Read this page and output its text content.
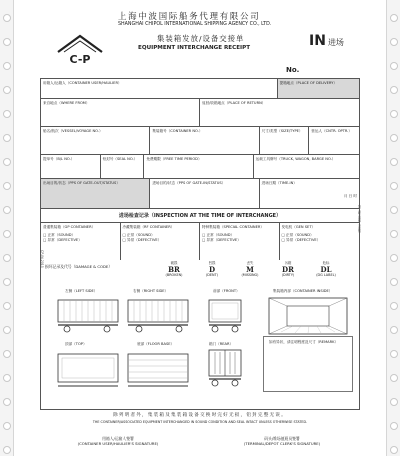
C-P
上海中波国际船务代理有限公司
SHANGHAI CHIPOL INTERNATIONAL SHIPPING AGENCY CO., LTD.
集装箱发放/设备交接单
EQUIPMENT INTERCHANGE RECEIPT	IN 进场
No.
用箱人/运箱人（CONTAINER USER/HAULIER）	提箱地点（PLACE OF DELIVERY）
来自地点（WHERE FROM）	返回/收箱地点（PLACE OF RETURN）
船名/航次（VESSEL/VOYAGE NO.）	集装箱号（CONTAINER NO.）	尺寸/类型（SIZE/TYPE）	营运人（CNTR. OPTR.）
提单号（B/L NO.）	铅封号（SEAL NO.）	免费期限（FREE TIME PERIOD）	运载工具牌号（TRUCK, WAGON, BARGE NO.）
出场目的/状态（PPS OF GATE-OUT/STATUS）	进场目的/状态（PPS OF GATE-IN/STATUS）	进场日期（TIME-IN）
月 日 时
进场检查记录（INSPECTION AT THE TIME OF INTERCHANGE）
普通集装箱（GP CONTAINER）
□ 正常（SOUND）
□ 异常（DEFECTIVE）
冷藏集装箱（RF CONTAINER）
□ 正常（SOUND）
□ 异常（DEFECTIVE）
特种集装箱（SPECIAL CONTAINER）
□ 正常（SOUND）
□ 异常（DEFECTIVE）
发电机（GEN SET）
□ 正常（SOUND）
□ 异常（DEFECTIVE）
损坏记录及代号（DAMAGE & CODE）
破损
BR
(BROKEN)
凹损
D
(DENT)
丢失
M
(MISSING)
污箱
DR
(DIRTY)
危标
DL
(DG LABEL)
左侧（LEFT SIDE）	右侧（RIGHT SIDE）	前部（FRONT）	集装箱内部（CONTAINER INSIDE）
顶部（TOP）	底部（FLOOR BASE）	箱门（REAR）	如有异状，请注明程度及尺寸（REMARK）
除列明者外，集装箱及集装箱设备交换时完好无损，铅封完整无误。
THE CONTAINER/ASSOCIATED EQUIPMENT INTERCHANGED IN SOUND CONDITION AND SEAL INTACT UNLESS OTHERWISE STATED.
用箱人/运箱人签署
(CONTAINER USER/HAULIER'S SIGNATURE)
码头/堆场值班员签署
(TERMINAL/DEPOT CLERK'S SIGNATURE)
CP-IN-2015
第二联 用箱人 存根
